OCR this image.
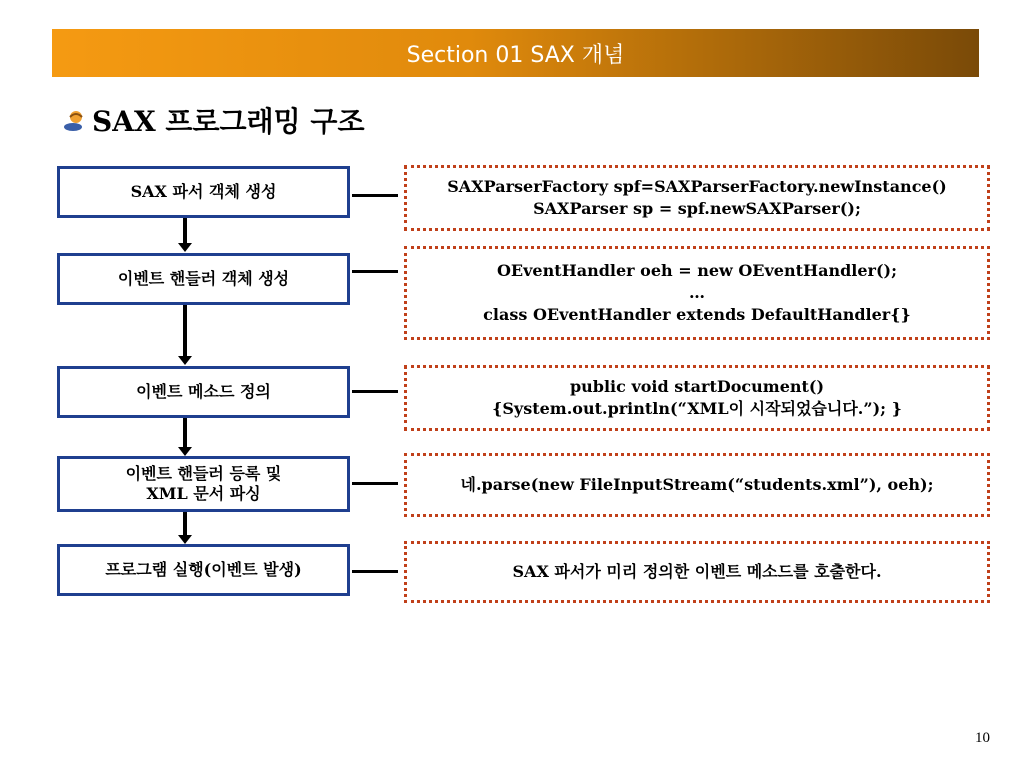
Section 01 SAX 개념
SAX 프로그래밍 구조
SAX 파서 객체 생성
이벤트 핸들러 객체 생성
이벤트 메소드 정의
이벤트 핸들러 등록 및
XML 문서 파싱
프로그램 실행(이벤트 발생)
SAXParserFactory spf=SAXParserFactory.newInstance()
SAXParser sp = spf.newSAXParser();
OEventHandler oeh = new OEventHandler();
…
class OEventHandler extends DefaultHandler{}
public void startDocument()
{System.out.println(“XML이 시작되었습니다.”); }
네.parse(new FileInputStream(“students.xml”), oeh);
SAX 파서가 미리 정의한 이벤트 메소드를 호출한다.
10
